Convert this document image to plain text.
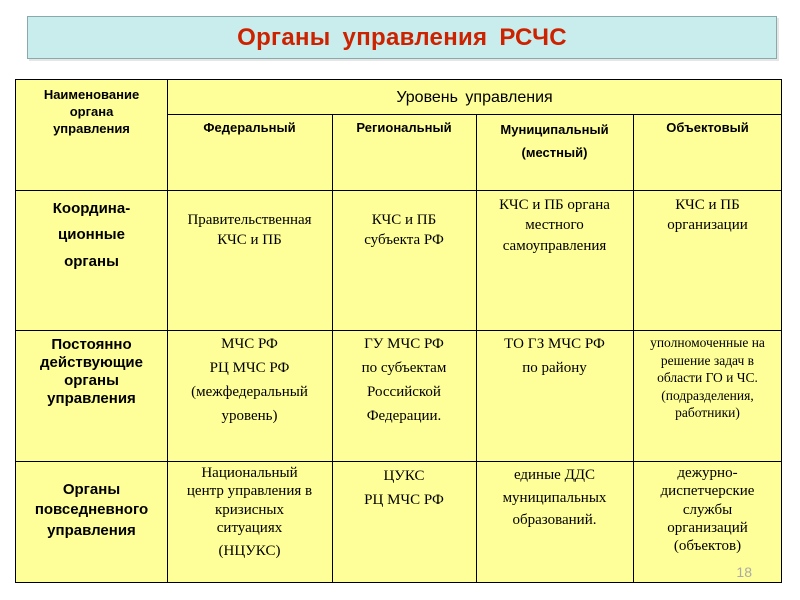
Органы управления РСЧС
Наименование
органа
управления
Уровень управления
Федеральный	Региональный	Муниципальный
(местный)
Объектовый
Координа-
ционные
органы
Правительственная
КЧС и ПБ
КЧС и ПБ
субъекта РФ
КЧС и ПБ органа
местного
самоуправления
КЧС и ПБ
организации
Постоянно
действующие
органы
управления
МЧС РФ
РЦ МЧС РФ
(межфедеральный
уровень)
ГУ МЧС РФ
по субъектам
Российской
Федерации.
ТО ГЗ МЧС РФ
по району
уполномоченные на
решение задач в
области ГО и ЧС.
(подразделения,
работники)
Органы
повседневного
управления
Национальный
центр управления в
кризисных
ситуациях
(НЦУКС)
ЦУКС
РЦ МЧС РФ
единые ДДС
муниципальных
образований.
дежурно-
диспетчерские
службы
организаций
(объектов)
18
